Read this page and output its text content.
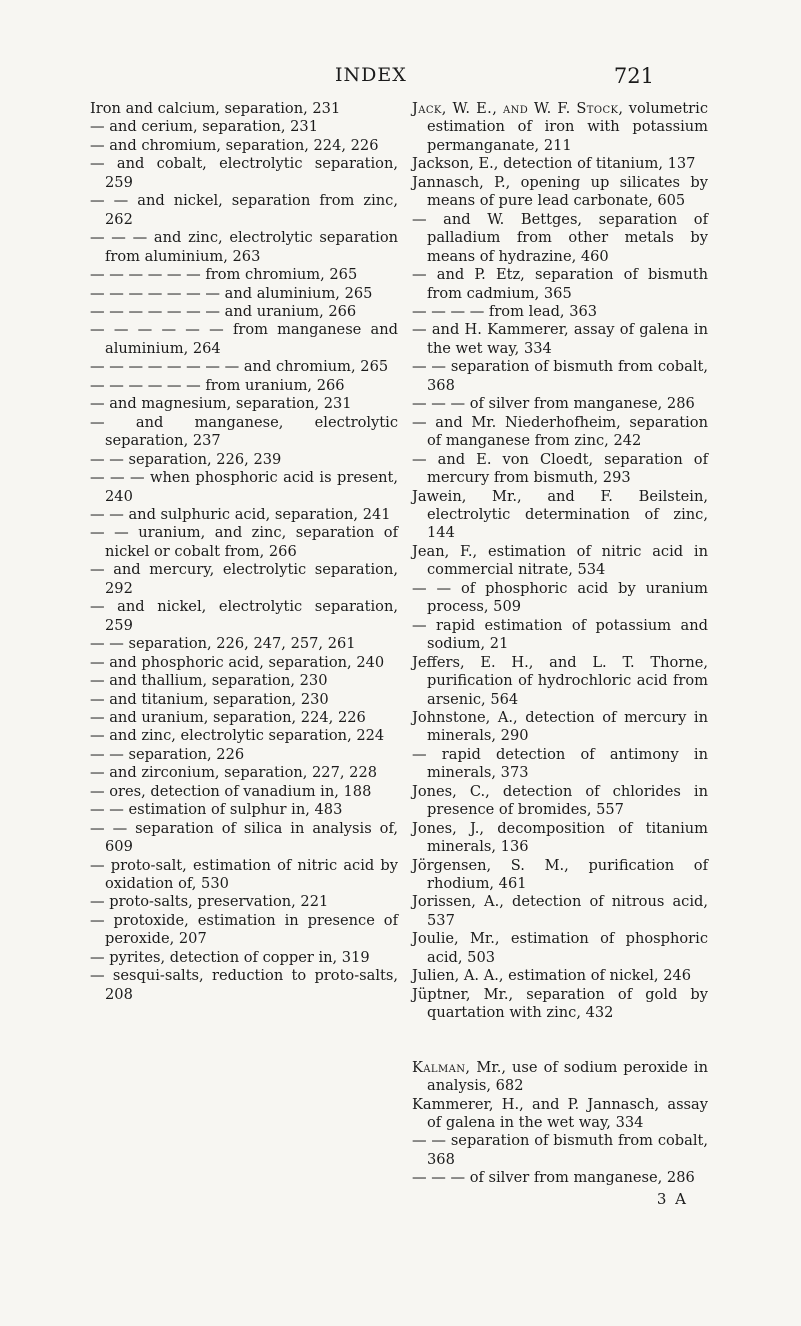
INDEX	721
Iron and calcium, separation, 231
— and cerium, separation, 231
— and chromium, separation, 224, 226
— and cobalt, electrolytic separation, 259
— — and nickel, separation from zinc, 262
— — — and zinc, electrolytic separation from aluminium, 263
— — — — — — from chromium, 265
— — — — — — — and aluminium, 265
— — — — — — — and uranium, 266
— — — — — — from manganese and aluminium, 264
— — — — — — — — and chromium, 265
— — — — — — from uranium, 266
— and magnesium, separation, 231
— and manganese, electrolytic separation, 237
— — separation, 226, 239
— — — when phosphoric acid is present, 240
— — and sulphuric acid, separation, 241
— — uranium, and zinc, separation of nickel or cobalt from, 266
— and mercury, electrolytic separation, 292
— and nickel, electrolytic separation, 259
— — separation, 226, 247, 257, 261
— and phosphoric acid, separation, 240
— and thallium, separation, 230
— and titanium, separation, 230
— and uranium, separation, 224, 226
— and zinc, electrolytic separation, 224
— — separation, 226
— and zirconium, separation, 227, 228
— ores, detection of vanadium in, 188
— — estimation of sulphur in, 483
— — separation of silica in analysis of, 609
— proto-salt, estimation of nitric acid by oxidation of, 530
— proto-salts, preservation, 221
— protoxide, estimation in presence of peroxide, 207
— pyrites, detection of copper in, 319
— sesqui-salts, reduction to proto-salts, 208
Jack, W. E., and W. F. Stock, volumetric estimation of iron with potassium permanganate, 211
Jackson, E., detection of titanium, 137
Jannasch, P., opening up silicates by means of pure lead carbonate, 605
— and W. Bettges, separation of palladium from other metals by means of hydrazine, 460
— and P. Etz, separation of bismuth from cadmium, 365
— — — — from lead, 363
— and H. Kammerer, assay of galena in the wet way, 334
— — separation of bismuth from cobalt, 368
— — — of silver from manganese, 286
— and Mr. Niederhofheim, separation of manganese from zinc, 242
— and E. von Cloedt, separation of mercury from bismuth, 293
Jawein, Mr., and F. Beilstein, electrolytic determination of zinc, 144
Jean, F., estimation of nitric acid in commercial nitrate, 534
— — of phosphoric acid by uranium process, 509
— rapid estimation of potassium and sodium, 21
Jeffers, E. H., and L. T. Thorne, purification of hydrochloric acid from arsenic, 564
Johnstone, A., detection of mercury in minerals, 290
— rapid detection of antimony in minerals, 373
Jones, C., detection of chlorides in presence of bromides, 557
Jones, J., decomposition of titanium minerals, 136
Jörgensen, S. M., purification of rhodium, 461
Jorissen, A., detection of nitrous acid, 537
Joulie, Mr., estimation of phosphoric acid, 503
Julien, A. A., estimation of nickel, 246
Jüptner, Mr., separation of gold by quartation with zinc, 432
Kalman, Mr., use of sodium peroxide in analysis, 682
Kammerer, H., and P. Jannasch, assay of galena in the wet way, 334
— — separation of bismuth from cobalt, 368
— — — of silver from manganese, 286
3 A
